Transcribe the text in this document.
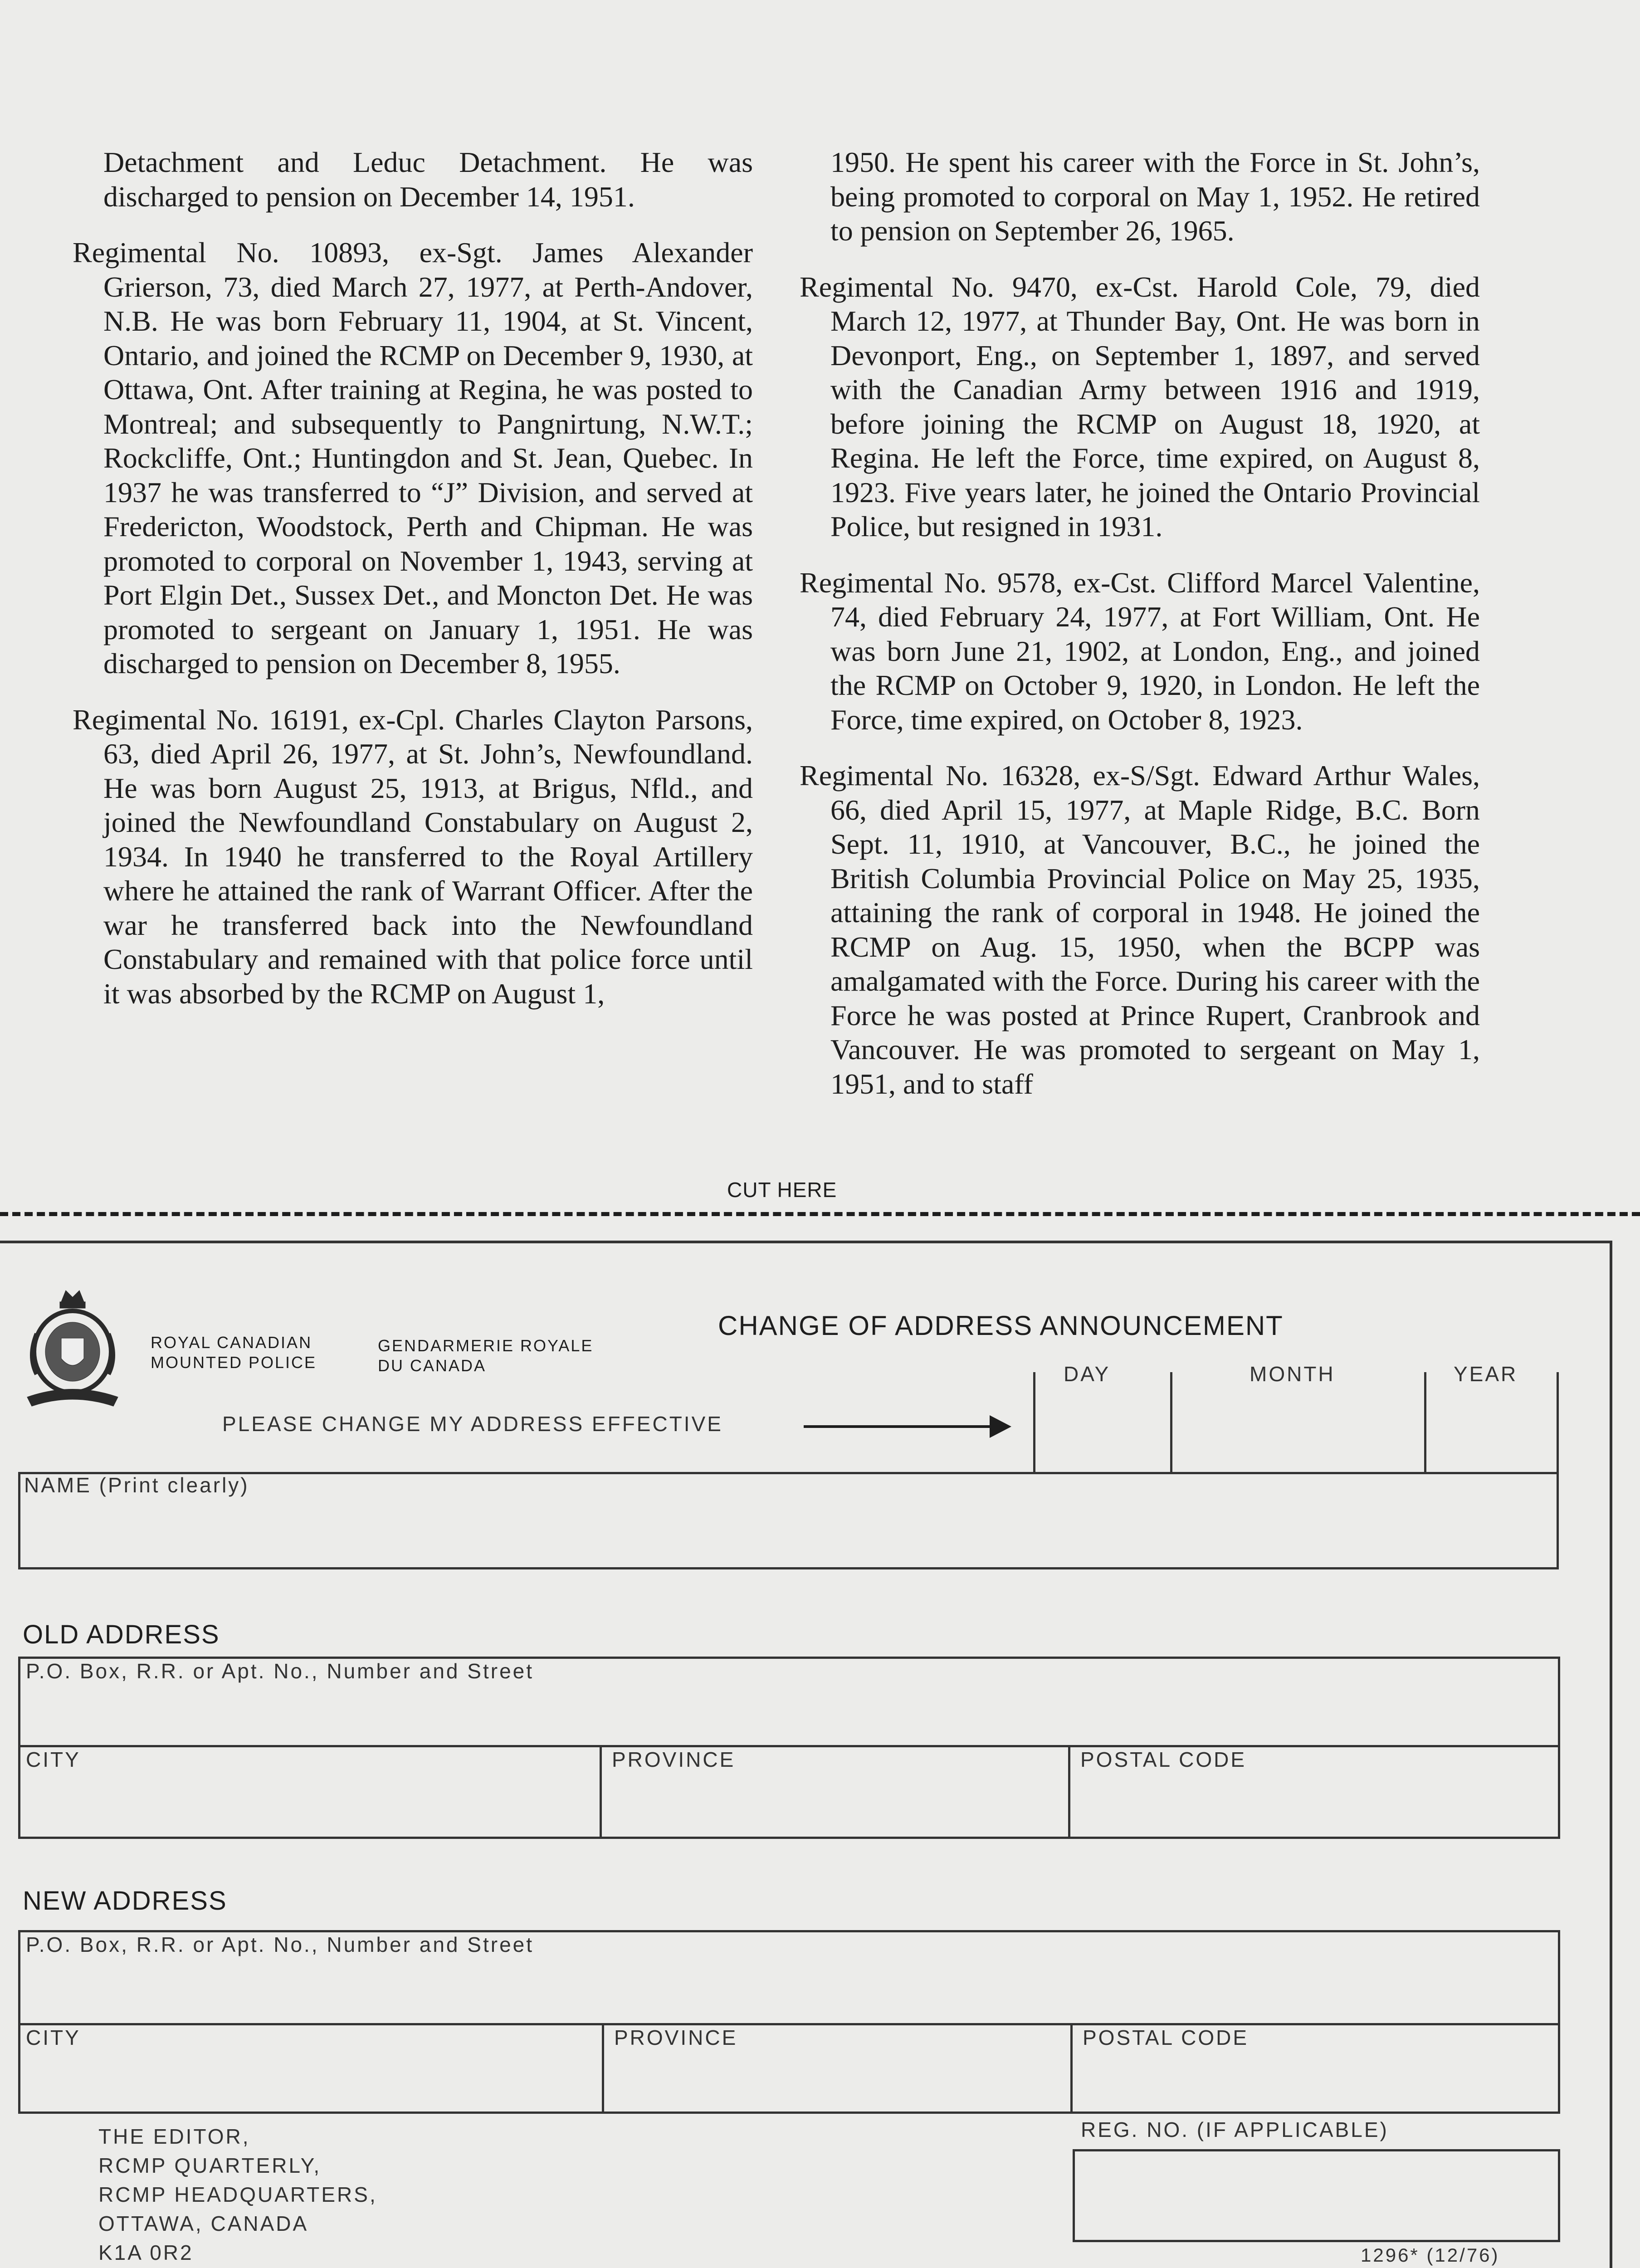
Detachment and Leduc Detachment. He was discharged to pension on December 14, 1951.

Regimental No. 10893, ex-Sgt. James Alexander Grierson, 73, died March 27, 1977, at Perth-Andover, N.B. He was born February 11, 1904, at St. Vincent, Ontario, and joined the RCMP on December 9, 1930, at Ottawa, Ont. After training at Regina, he was posted to Montreal; and subsequently to Pangnirtung, N.W.T.; Rockcliffe, Ont.; Huntingdon and St. Jean, Quebec. In 1937 he was transferred to “J” Division, and served at Fredericton, Woodstock, Perth and Chipman. He was promoted to corporal on November 1, 1943, serving at Port Elgin Det., Sussex Det., and Moncton Det. He was promoted to sergeant on January 1, 1951. He was discharged to pension on December 8, 1955.

Regimental No. 16191, ex-Cpl. Charles Clayton Parsons, 63, died April 26, 1977, at St. John’s, Newfoundland. He was born August 25, 1913, at Brigus, Nfld., and joined the Newfoundland Constabulary on August 2, 1934. In 1940 he transferred to the Royal Artillery where he attained the rank of Warrant Officer. After the war he transferred back into the Newfoundland Constabulary and remained with that police force until it was absorbed by the RCMP on August 1,

1950. He spent his career with the Force in St. John’s, being promoted to corporal on May 1, 1952. He retired to pension on September 26, 1965.

Regimental No. 9470, ex-Cst. Harold Cole, 79, died March 12, 1977, at Thunder Bay, Ont. He was born in Devonport, Eng., on September 1, 1897, and served with the Canadian Army between 1916 and 1919, before joining the RCMP on August 18, 1920, at Regina. He left the Force, time expired, on August 8, 1923. Five years later, he joined the Ontario Provincial Police, but resigned in 1931.

Regimental No. 9578, ex-Cst. Clifford Marcel Valentine, 74, died February 24, 1977, at Fort William, Ont. He was born June 21, 1902, at London, Eng., and joined the RCMP on October 9, 1920, in London. He left the Force, time expired, on October 8, 1923.

Regimental No. 16328, ex-S/Sgt. Edward Arthur Wales, 66, died April 15, 1977, at Maple Ridge, B.C. Born Sept. 11, 1910, at Vancouver, B.C., he joined the British Columbia Provincial Police on May 25, 1935, attaining the rank of corporal in 1948. He joined the RCMP on Aug. 15, 1950, when the BCPP was amalgamated with the Force. During his career with the Force he was posted at Prince Rupert, Cranbrook and Vancouver. He was promoted to sergeant on May 1, 1951, and to staff

CUT HERE
ROYAL CANADIAN
MOUNTED POLICE
GENDARMERIE ROYALE
DU CANADA
CHANGE OF ADDRESS ANNOUNCEMENT
PLEASE CHANGE MY ADDRESS EFFECTIVE
DAY	MONTH	YEAR
NAME (Print clearly)
OLD ADDRESS
P.O. Box, R.R. or Apt. No., Number and Street
CITY	PROVINCE	POSTAL CODE
NEW ADDRESS
P.O. Box, R.R. or Apt. No., Number and Street
CITY	PROVINCE	POSTAL CODE
THE EDITOR,
RCMP QUARTERLY,
RCMP HEADQUARTERS,
OTTAWA, CANADA
K1A 0R2
REG. NO. (IF APPLICABLE)
1296* (12/76)
